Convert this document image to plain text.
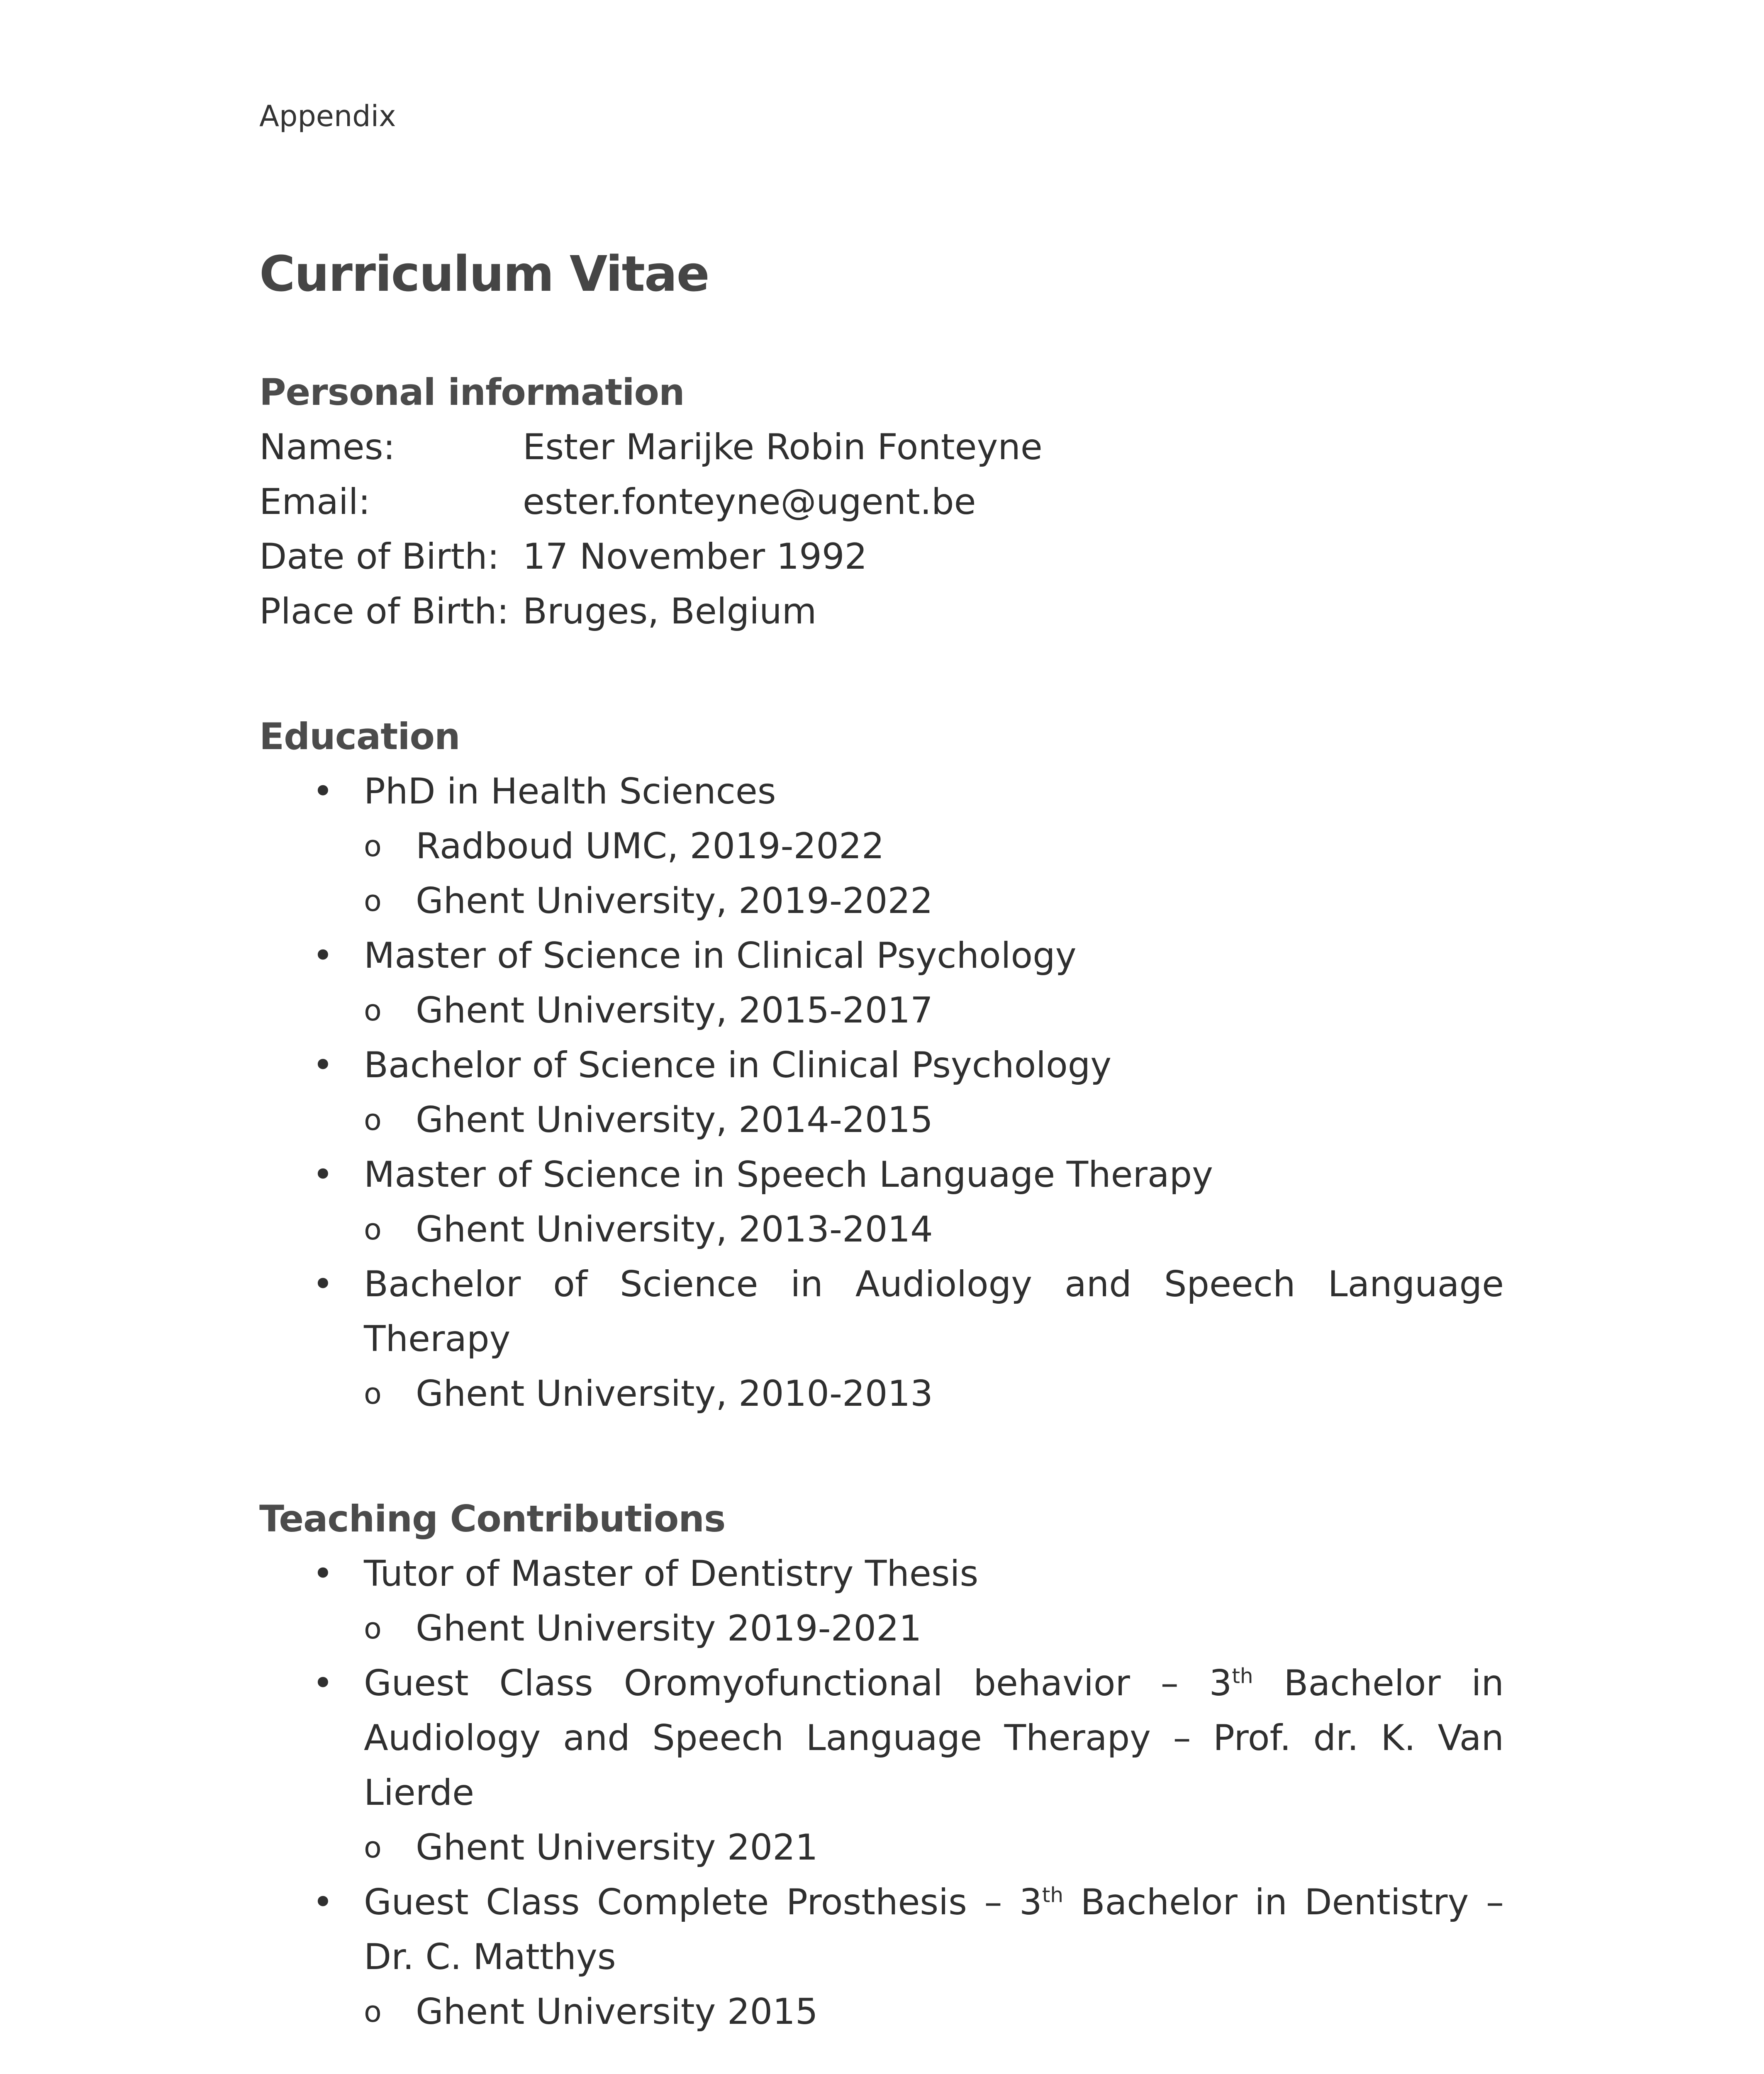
Appendix
Curriculum Vitae
Personal information
Names:	Ester Marijke Robin Fonteyne
Email:	ester.fonteyne@ugent.be
Date of Birth:	17 November 1992
Place of Birth:	Bruges, Belgium
Education
• PhD in Health Sciences
o Radboud UMC, 2019-2022
o Ghent University, 2019-2022
• Master of Science in Clinical Psychology
o Ghent University, 2015-2017
• Bachelor of Science in Clinical Psychology
o Ghent University, 2014-2015
• Master of Science in Speech Language Therapy
o Ghent University, 2013-2014
• Bachelor of Science in Audiology and Speech Language Therapy
o Ghent University, 2010-2013
Teaching Contributions
• Tutor of Master of Dentistry Thesis
o Ghent University 2019-2021
• Guest Class Oromyofunctional behavior – 3th Bachelor in Audiology and Speech Language Therapy – Prof. dr. K. Van Lierde
o Ghent University 2021
• Guest Class Complete Prosthesis – 3th Bachelor in Dentistry – Dr. C. Matthys
o Ghent University 2015
